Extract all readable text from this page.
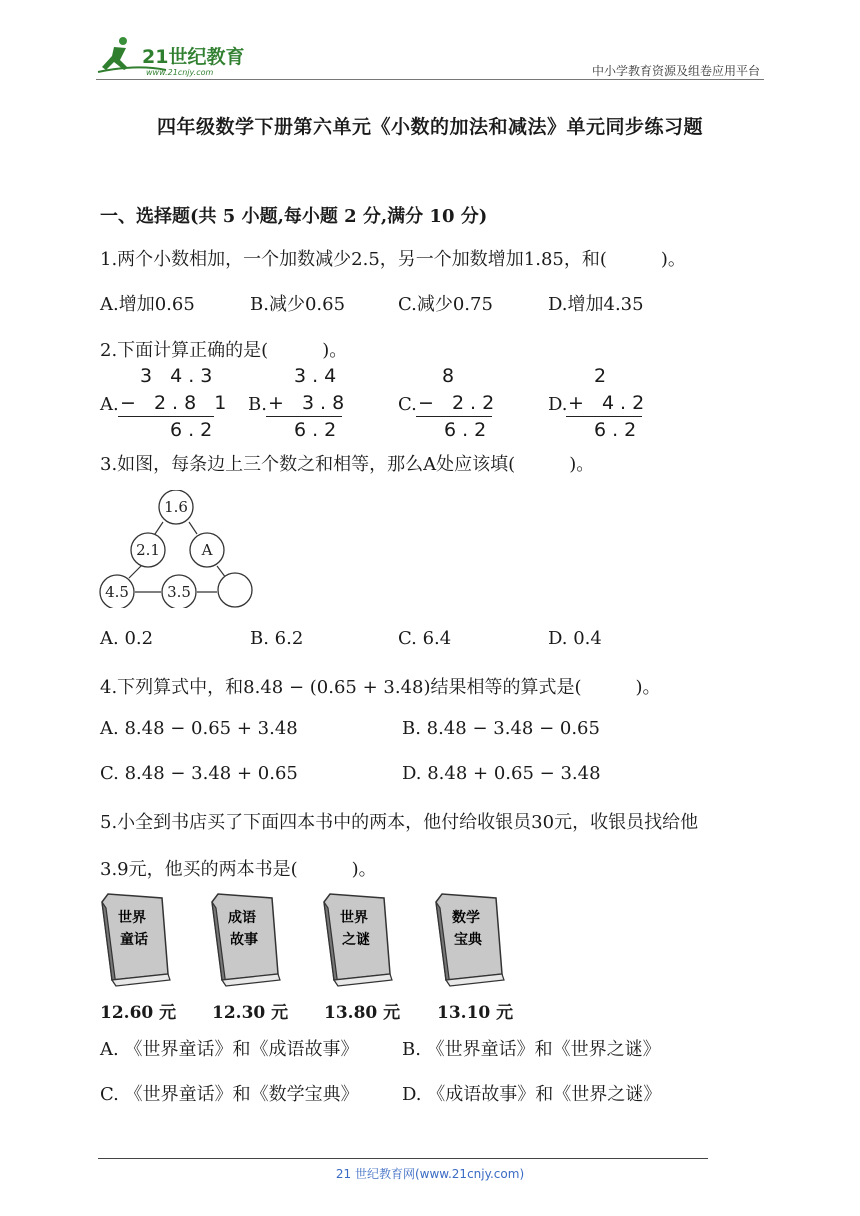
21世纪教育
www.21cnjy.com	中小学教育资源及组卷应用平台
四年级数学下册第六单元《小数的加法和减法》单元同步练习题
一、选择题(共 5 小题,每小题 2 分,满分 10 分)
1.两个小数相加，一个加数减少2.5，另一个加数增加1.85，和(　　　)。
A.增加0.65	B.减少0.65	C.减少0.75	D.增加4.35
2.下面计算正确的是(　　　)。
A.
3 4.3
− 2.8 1
6.2
B.
3.4
+ 3.8
6.2
C.
8
− 2.2
6.2
D.
2
+ 4.2
6.2
3.如图，每条边上三个数之和相等，那么A处应该填(　　　)。
1.6
2.1	A
4.5	3.5
A. 0.2	B. 6.2	C. 6.4	D. 0.4
4.下列算式中，和8.48 − (0.65 + 3.48)结果相等的算式是(　　　)。
A. 8.48 − 0.65 + 3.48	B. 8.48 − 3.48 − 0.65
C. 8.48 − 3.48 + 0.65	D. 8.48 + 0.65 − 3.48
5.小全到书店买了下面四本书中的两本，他付给收银员30元，收银员找给他
3.9元，他买的两本书是(　　　)。
世界
童话
成语
故事
世界
之谜
数学
宝典
12.60 元 12.30 元 13.80 元 13.10 元
A. 《世界童话》和《成语故事》 B. 《世界童话》和《世界之谜》
C. 《世界童话》和《数学宝典》 D. 《成语故事》和《世界之谜》
21 世纪教育网(www.21cnjy.com)
